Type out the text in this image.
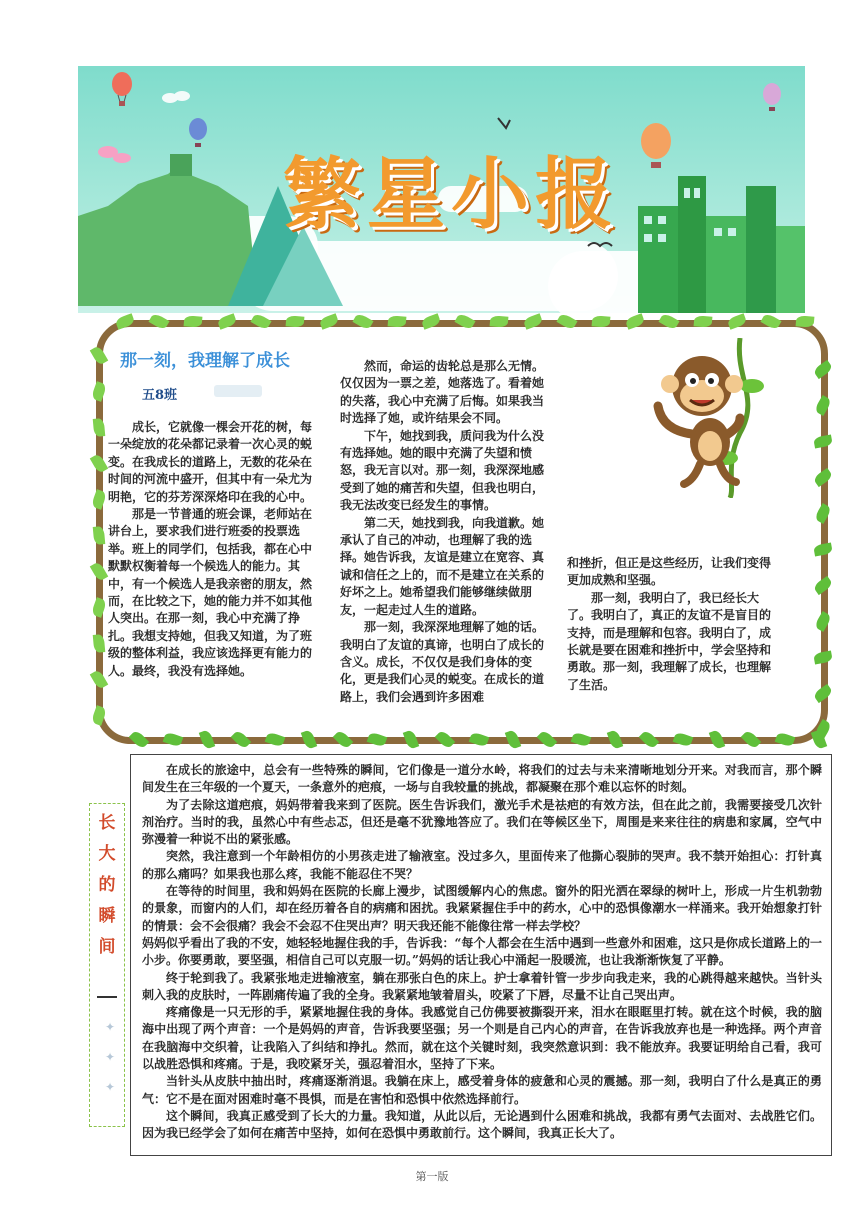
繁星小报
那一刻，我理解了成长
五8班

成长，它就像一棵会开花的树，每一朵绽放的花朵都记录着一次心灵的蜕变。在我成长的道路上，无数的花朵在时间的河流中盛开，但其中有一朵尤为明艳，它的芬芳深深烙印在我的心中。

那是一节普通的班会课，老师站在讲台上，要求我们进行班委的投票选举。班上的同学们，包括我，都在心中默默权衡着每一个候选人的能力。其中，有一个候选人是我亲密的朋友，然而，在比较之下，她的能力并不如其他人突出。在那一刻，我心中充满了挣扎。我想支持她，但我又知道，为了班级的整体利益，我应该选择更有能力的人。最终，我没有选择她。

然而，命运的齿轮总是那么无情。仅仅因为一票之差，她落选了。看着她的失落，我心中充满了后悔。如果我当时选择了她，或许结果会不同。

下午，她找到我，质问我为什么没有选择她。她的眼中充满了失望和愤怒，我无言以对。那一刻，我深深地感受到了她的痛苦和失望，但我也明白，我无法改变已经发生的事情。

第二天，她找到我，向我道歉。她承认了自己的冲动，也理解了我的选择。她告诉我，友谊是建立在宽容、真诚和信任之上的，而不是建立在关系的好坏之上。她希望我们能够继续做朋友，一起走过人生的道路。

那一刻，我深深地理解了她的话。我明白了友谊的真谛，也明白了成长的含义。成长，不仅仅是我们身体的变化，更是我们心灵的蜕变。在成长的道路上，我们会遇到许多困难

和挫折，但正是这些经历，让我们变得更加成熟和坚强。

那一刻，我明白了，我已经长大了。我明白了，真正的友谊不是盲目的支持，而是理解和包容。我明白了，成长就是要在困难和挫折中，学会坚持和勇敢。那一刻，我理解了成长，也理解了生活。

长
大
的
瞬
间
✦
✦
✦

在成长的旅途中，总会有一些特殊的瞬间，它们像是一道分水岭，将我们的过去与未来清晰地划分开来。对我而言，那个瞬间发生在三年级的一个夏天，一条意外的疤痕，一场与自我较量的挑战，都凝聚在那个难以忘怀的时刻。

为了去除这道疤痕，妈妈带着我来到了医院。医生告诉我们，激光手术是祛疤的有效方法，但在此之前，我需要接受几次针剂治疗。当时的我，虽然心中有些忐忑，但还是毫不犹豫地答应了。我们在等候区坐下，周围是来来往往的病患和家属，空气中弥漫着一种说不出的紧张感。

突然，我注意到一个年龄相仿的小男孩走进了输液室。没过多久，里面传来了他撕心裂肺的哭声。我不禁开始担心：打针真的那么痛吗？如果我也那么疼，我能不能忍住不哭？

在等待的时间里，我和妈妈在医院的长廊上漫步，试图缓解内心的焦虑。窗外的阳光洒在翠绿的树叶上，形成一片生机勃勃的景象，而窗内的人们，却在经历着各自的病痛和困扰。我紧紧握住手中的药水，心中的恐惧像潮水一样涌来。我开始想象打针的情景：会不会很痛？我会不会忍不住哭出声？明天我还能不能像往常一样去学校？

妈妈似乎看出了我的不安，她轻轻地握住我的手，告诉我：“每个人都会在生活中遇到一些意外和困难，这只是你成长道路上的一小步。你要勇敢，要坚强，相信自己可以克服一切。”妈妈的话让我心中涌起一股暖流，也让我渐渐恢复了平静。

终于轮到我了。我紧张地走进输液室，躺在那张白色的床上。护士拿着针管一步步向我走来，我的心跳得越来越快。当针头刺入我的皮肤时，一阵剧痛传遍了我的全身。我紧紧地皱着眉头，咬紧了下唇，尽量不让自己哭出声。

疼痛像是一只无形的手，紧紧地握住我的身体。我感觉自己仿佛要被撕裂开来，泪水在眼眶里打转。就在这个时候，我的脑海中出现了两个声音：一个是妈妈的声音，告诉我要坚强；另一个则是自己内心的声音，在告诉我放弃也是一种选择。两个声音在我脑海中交织着，让我陷入了纠结和挣扎。然而，就在这个关键时刻，我突然意识到：我不能放弃。我要证明给自己看，我可以战胜恐惧和疼痛。于是，我咬紧牙关，强忍着泪水，坚持了下来。

当针头从皮肤中抽出时，疼痛逐渐消退。我躺在床上，感受着身体的疲惫和心灵的震撼。那一刻，我明白了什么是真正的勇气：它不是在面对困难时毫不畏惧，而是在害怕和恐惧中依然选择前行。

这个瞬间，我真正感受到了长大的力量。我知道，从此以后，无论遇到什么困难和挑战，我都有勇气去面对、去战胜它们。因为我已经学会了如何在痛苦中坚持，如何在恐惧中勇敢前行。这个瞬间，我真正长大了。

第一版
